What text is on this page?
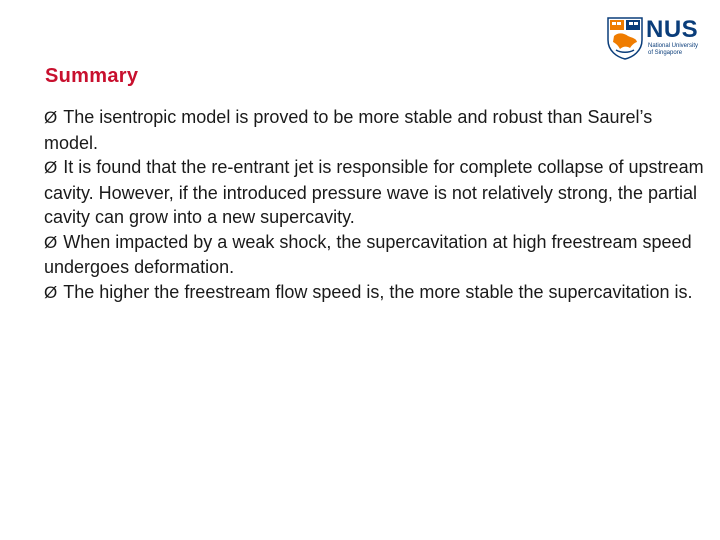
NUS
National University
of Singapore
Summary
Ø The isentropic model is proved to be more stable and robust than Saurel’s model.
Ø It is found that the re-entrant jet is responsible for complete collapse of upstream cavity. However, if the introduced pressure wave is not relatively strong, the partial cavity can grow into a new supercavity.
Ø When impacted by a weak shock, the supercavitation at high freestream speed undergoes deformation.
Ø The higher the freestream flow speed is, the more stable the supercavitation is.
